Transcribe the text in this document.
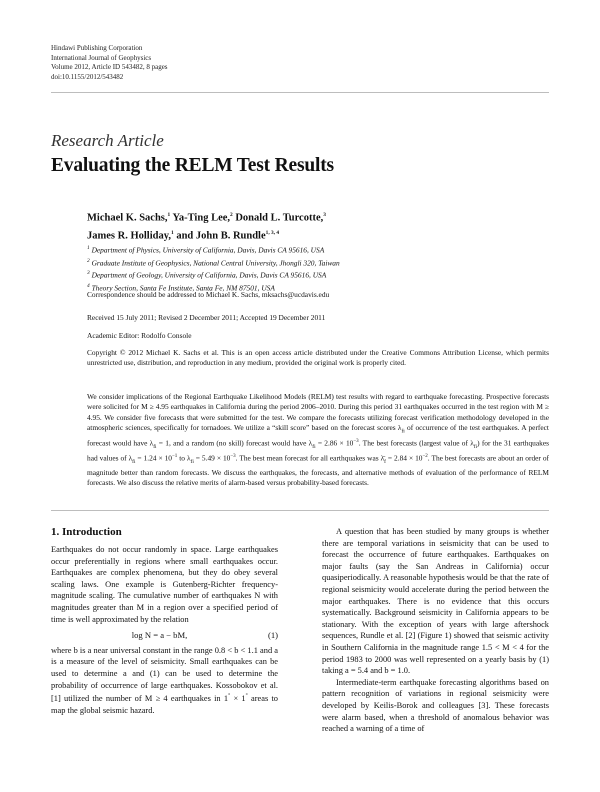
Hindawi Publishing Corporation
International Journal of Geophysics
Volume 2012, Article ID 543482, 8 pages
doi:10.1155/2012/543482
Research Article
Evaluating the RELM Test Results
Michael K. Sachs,$^1$ Ya-Ting Lee,$^2$ Donald L. Turcotte,$^3$
James R. Holliday,$^1$ and John B. Rundle$^{1, 3, 4}$
$^1$ Department of Physics, University of California, Davis, Davis CA 95616, USA
$^2$ Graduate Institute of Geophysics, National Central University, Jhongli 320, Taiwan
$^3$ Department of Geology, University of California, Davis, Davis CA 95616, USA
$^4$ Theory Section, Santa Fe Institute, Santa Fe, NM 87501, USA
Correspondence should be addressed to Michael K. Sachs, mksachs@ucdavis.edu
Received 15 July 2011; Revised 2 December 2011; Accepted 19 December 2011
Academic Editor: Rodolfo Console
Copyright © 2012 Michael K. Sachs et al. This is an open access article distributed under the Creative Commons Attribution License, which permits unrestricted use, distribution, and reproduction in any medium, provided the original work is properly cited.
We consider implications of the Regional Earthquake Likelihood Models (RELM) test results with regard to earthquake forecasting. Prospective forecasts were solicited for M ≥ 4.95 earthquakes in California during the period 2006–2010. During this period 31 earthquakes occurred in the test region with M ≥ 4.95. We consider five forecasts that were submitted for the test. We compare the forecasts utilizing forecast verification methodology developed in the atmospheric sciences, specifically for tornadoes. We utilize a “skill score” based on the forecast scores $\lambda_{fi}$ of occurrence of the test earthquakes. A perfect forecast would have $\lambda_{fi} = 1$, and a random (no skill) forecast would have $\lambda_{fi} = 2.86 \times 10^{-3}$. The best forecasts (largest value of $\lambda_{fi}$) for the 31 earthquakes had values of $\lambda_{fi} = 1.24 \times 10^{-1}$ to $\lambda_{fi} = 5.49 \times 10^{-3}$. The best mean forecast for all earthquakes was $\lambdā_f = 2.84 \times 10^{-2}$. The best forecasts are about an order of magnitude better than random forecasts. We discuss the earthquakes, the forecasts, and alternative methods of evaluation of the performance of RELM forecasts. We also discuss the relative merits of alarm-based versus probability-based forecasts.
1. Introduction

Earthquakes do not occur randomly in space. Large earthquakes occur preferentially in regions where small earthquakes occur. Earthquakes are complex phenomena, but they do obey several scaling laws. One example is Gutenberg-Richter frequency-magnitude scaling. The cumulative number of earthquakes N with magnitudes greater than M in a region over a specified period of time is well approximated by the relation

log N = a − bM,	(1)

where b is a near universal constant in the range 0.8 < b < 1.1 and a is a measure of the level of seismicity. Small earthquakes can be used to determine a and (1) can be used to determine the probability of occurrence of large earthquakes. Kossobokov et al. [1] utilized the number of M ≥ 4 earthquakes in 1° × 1° areas to map the global seismic hazard.

A question that has been studied by many groups is whether there are temporal variations in seismicity that can be used to forecast the occurrence of future earthquakes. Earthquakes on major faults (say the San Andreas in California) occur quasiperiodically. A reasonable hypothesis would be that the rate of regional seismicity would accelerate during the period between the major earthquakes. There is no evidence that this occurs systematically. Background seismicity in California appears to be stationary. With the exception of years with large aftershock sequences, Rundle et al. [2] (Figure 1) showed that seismic activity in Southern California in the magnitude range 1.5 < M < 4 for the period 1983 to 2000 was well represented on a yearly basis by (1) taking a = 5.4 and b = 1.0.

Intermediate-term earthquake forecasting algorithms based on pattern recognition of variations in regional seismicity were developed by Keilis-Borok and colleagues [3]. These forecasts were alarm based, when a threshold of anomalous behavior was reached a warning of a time of
